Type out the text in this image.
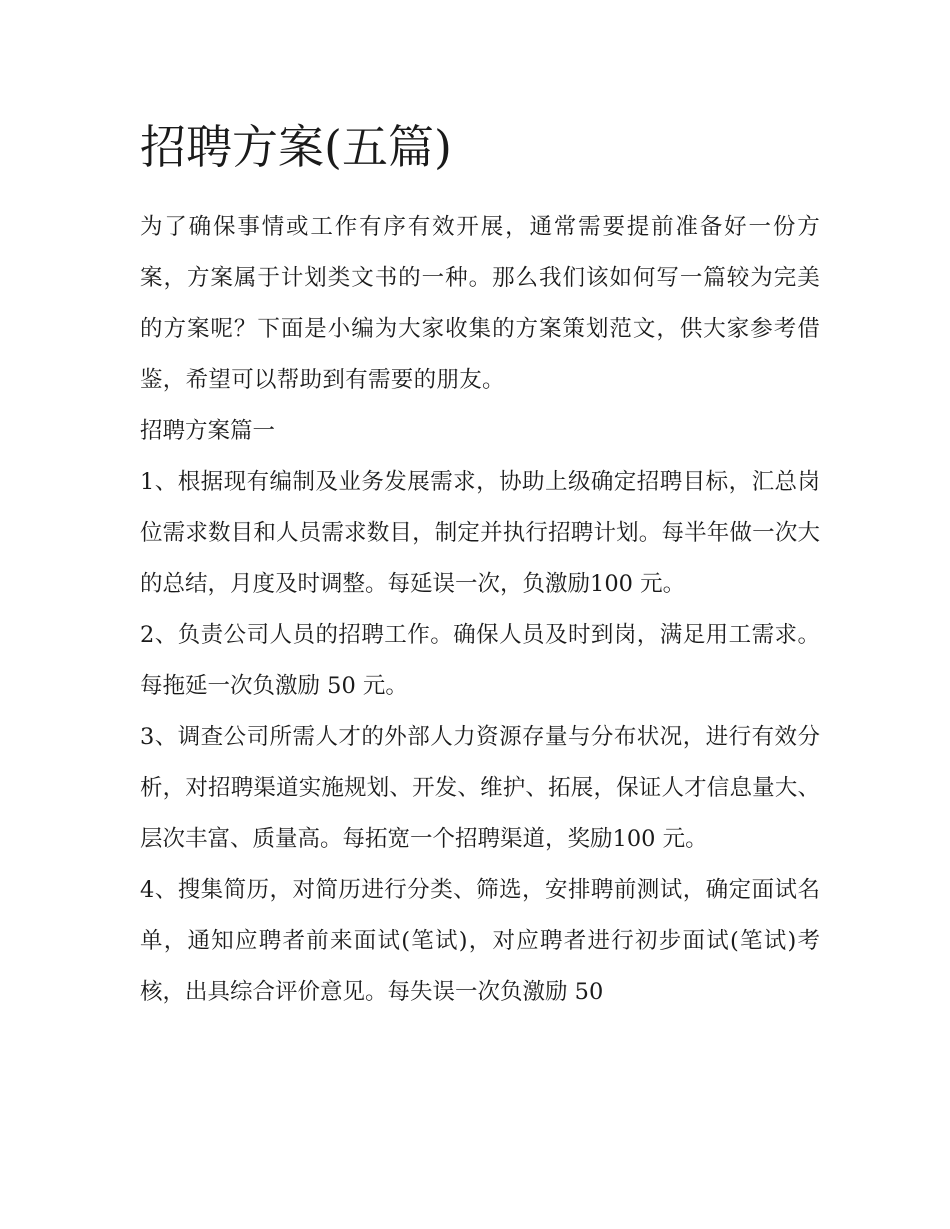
招聘方案(五篇)

为了确保事情或工作有序有效开展，通常需要提前准备好一份方案，方案属于计划类文书的一种。那么我们该如何写一篇较为完美的方案呢？下面是小编为大家收集的方案策划范文，供大家参考借鉴，希望可以帮助到有需要的朋友。

招聘方案篇一

1、根据现有编制及业务发展需求，协助上级确定招聘目标，汇总岗位需求数目和人员需求数目，制定并执行招聘计划。每半年做一次大的总结，月度及时调整。每延误一次，负激励100 元。

2、负责公司人员的招聘工作。确保人员及时到岗，满足用工需求。每拖延一次负激励 50 元。

3、调查公司所需人才的外部人力资源存量与分布状况，进行有效分析，对招聘渠道实施规划、开发、维护、拓展，保证人才信息量大、层次丰富、质量高。每拓宽一个招聘渠道，奖励100 元。

4、搜集简历，对简历进行分类、筛选，安排聘前测试，确定面试名单，通知应聘者前来面试(笔试)，对应聘者进行初步面试(笔试)考核，出具综合评价意见。每失误一次负激励 50
